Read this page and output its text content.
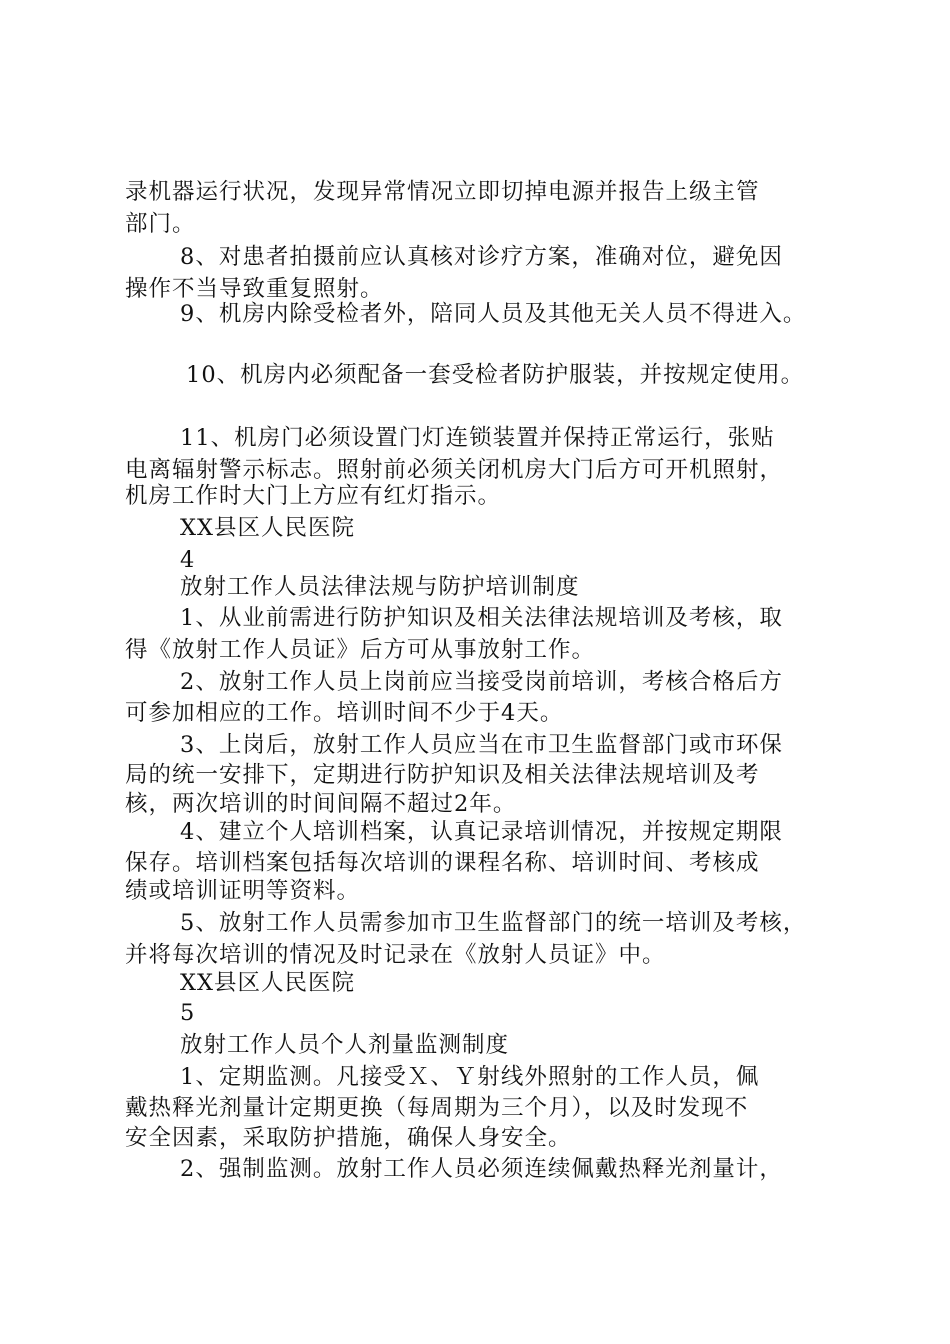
录机器运行状况，发现异常情况立即切掉电源并报告上级主管
部门。
8、对患者拍摄前应认真核对诊疗方案，准确对位，避免因
操作不当导致重复照射。
9、机房内除受检者外，陪同人员及其他无关人员不得进入。
10、机房内必须配备一套受检者防护服装，并按规定使用。
11、机房门必须设置门灯连锁装置并保持正常运行，张贴
电离辐射警示标志。照射前必须关闭机房大门后方可开机照射，
机房工作时大门上方应有红灯指示。
XX县区人民医院
4
放射工作人员法律法规与防护培训制度
1、从业前需进行防护知识及相关法律法规培训及考核，取
得《放射工作人员证》后方可从事放射工作。
2、放射工作人员上岗前应当接受岗前培训，考核合格后方
可参加相应的工作。培训时间不少于4天。
3、上岗后，放射工作人员应当在市卫生监督部门或市环保
局的统一安排下，定期进行防护知识及相关法律法规培训及考
核，两次培训的时间间隔不超过2年。
4、建立个人培训档案，认真记录培训情况，并按规定期限
保存。培训档案包括每次培训的课程名称、培训时间、考核成
绩或培训证明等资料。
5、放射工作人员需参加市卫生监督部门的统一培训及考核，
并将每次培训的情况及时记录在《放射人员证》中。
XX县区人民医院
5
放射工作人员个人剂量监测制度
1、定期监测。凡接受Ｘ、Ｙ射线外照射的工作人员，佩
戴热释光剂量计定期更换（每周期为三个月），以及时发现不
安全因素，采取防护措施，确保人身安全。
2、强制监测。放射工作人员必须连续佩戴热释光剂量计，
